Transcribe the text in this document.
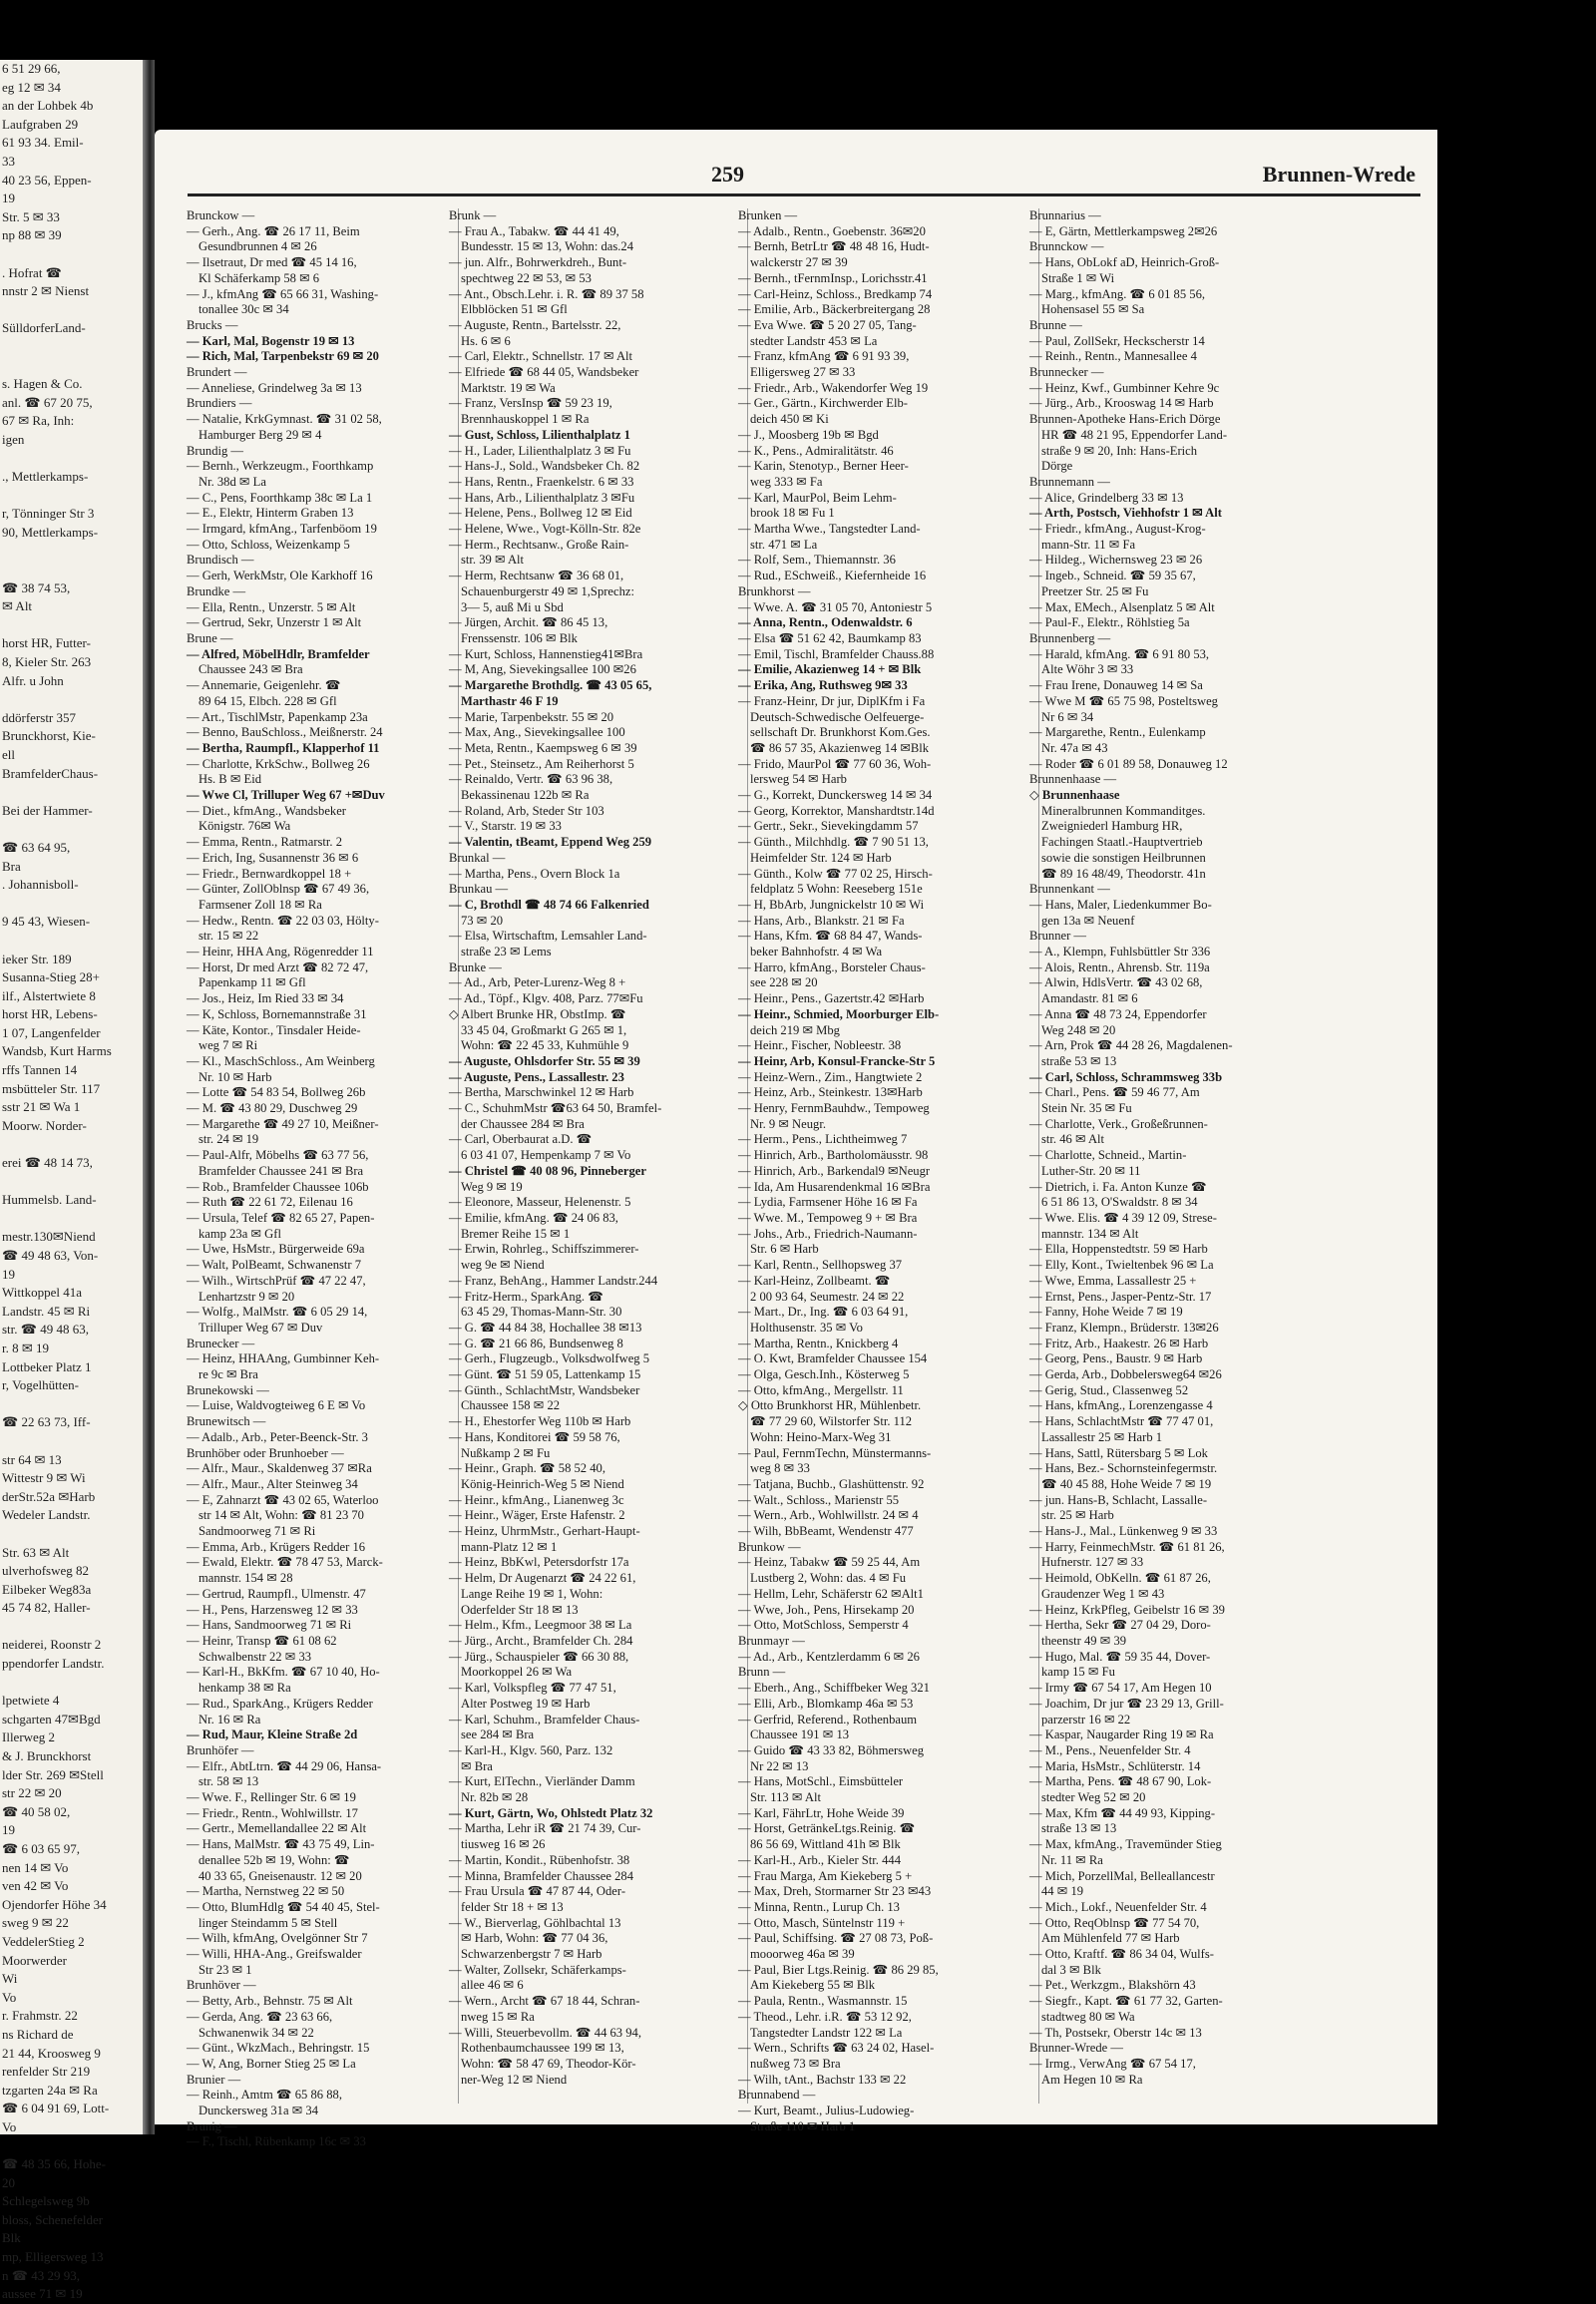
6 51 29 66,
eg 12 ✉ 34
an der Lohbek 4b
Laufgraben 29
61 93 34. Emil-
33
40 23 56, Eppen-
19
Str. 5 ✉ 33
np 88 ✉ 39

. Hofrat ☎
nnstr 2 ✉ Nienst

SülldorferLand-

s. Hagen & Co.
anl. ☎ 67 20 75,
67 ✉ Ra, Inh:
igen

., Mettlerkamps-

r, Tönninger Str 3
90, Mettlerkamps-

☎ 38 74 53,
✉ Alt

horst HR, Futter-
8, Kieler Str. 263
Alfr. u John

ddörferstr 357
Brunckhorst, Kie-
ell
BramfelderChaus-

Bei der Hammer-

☎ 63 64 95,
Bra
. Johannisboll-

9 45 43, Wiesen-

ieker Str. 189
Susanna-Stieg 28+
ilf., Alstertwiete 8
horst HR, Lebens-
1 07, Langenfelder
Wandsb, Kurt Harms
rffs Tannen 14
msbütteler Str. 117
sstr 21 ✉ Wa 1
Moorw. Norder-

erei ☎ 48 14 73,

Hummelsb. Land-

mestr.130✉Niend
☎ 49 48 63, Von-
19
Wittkoppel 41a
Landstr. 45 ✉ Ri
str. ☎ 49 48 63,
r. 8 ✉ 19
Lottbeker Platz 1
r, Vogelhütten-

☎ 22 63 73, Iff-

str 64 ✉ 13
Wittestr 9 ✉ Wi
derStr.52a ✉Harb
Wedeler Landstr.

Str. 63 ✉ Alt
ulverhofsweg 82
Eilbeker Weg83a
45 74 82, Haller-

neiderei, Roonstr 2
ppendorfer Landstr.

lpetwiete 4
schgarten 47✉Bgd
Illerweg 2
& J. Brunckhorst
lder Str. 269 ✉Stell
str 22 ✉ 20
☎ 40 58 02,
19
☎ 6 03 65 97,
nen 14 ✉ Vo
ven 42 ✉ Vo
Ojendorfer Höhe 34
sweg 9 ✉ 22
VeddelerStieg 2
Moorwerder
Wi
Vo
r. Frahmstr. 22
ns Richard de
21 44, Kroosweg 9
renfelder Str 219
tzgarten 24a ✉ Ra
☎ 6 04 91 69, Lott-
Vo

☎ 48 35 66, Hohe-
20
Schlegelsweg 9b
bloss, Schenefelder
Blk
mp, Elligersweg 13
n ☎ 43 29 93,
aussee 71 ✉ 19
259	Brunnen-Wrede
Brunckow —
— Gerh., Ang. ☎ 26 17 11, Beim
Gesundbrunnen 4 ✉ 26
— Ilsetraut, Dr med ☎ 45 14 16,
Kl Schäferkamp 58 ✉ 6
— J., kfmAng ☎ 65 66 31, Washing-
tonallee 30c ✉ 34
Brucks —
— Karl, Mal, Bogenstr 19 ✉ 13
— Rich, Mal, Tarpenbekstr 69 ✉ 20
Brundert —
— Anneliese, Grindelweg 3a ✉ 13
Brundiers —
— Natalie, KrkGymnast. ☎ 31 02 58,
Hamburger Berg 29 ✉ 4
Brundig —
— Bernh., Werkzeugm., Foorthkamp
Nr. 38d ✉ La
— C., Pens, Foorthkamp 38c ✉ La 1
— E., Elektr, Hinterm Graben 13
— Irmgard, kfmAng., Tarfenböom 19
— Otto, Schloss, Weizenkamp 5
Brundisch —
— Gerh, WerkMstr, Ole Karkhoff 16
Brundke —
— Ella, Rentn., Unzerstr. 5 ✉ Alt
— Gertrud, Sekr, Unzerstr 1 ✉ Alt
Brune —
— Alfred, MöbelHdlr, Bramfelder
Chaussee 243 ✉ Bra
— Annemarie, Geigenlehr. ☎
89 64 15, Elbch. 228 ✉ Gfl
— Art., TischlMstr, Papenkamp 23a
— Benno, BauSchloss., Meißnerstr. 24
— Bertha, Raumpfl., Klapperhof 11
— Charlotte, KrkSchw., Bollweg 26
Hs. B ✉ Eid
— Wwe Cl, Trilluper Weg 67 +✉Duv
— Diet., kfmAng., Wandsbeker
Königstr. 76✉ Wa
— Emma, Rentn., Ratmarstr. 2
— Erich, Ing, Susannenstr 36 ✉ 6
— Friedr., Bernwardkoppel 18 +
— Günter, ZollOblnsp ☎ 67 49 36,
Farmsener Zoll 18 ✉ Ra
— Hedw., Rentn. ☎ 22 03 03, Hölty-
str. 15 ✉ 22
— Heinr, HHA Ang, Rögenredder 11
— Horst, Dr med Arzt ☎ 82 72 47,
Papenkamp 11 ✉ Gfl
— Jos., Heiz, Im Ried 33 ✉ 34
— K, Schloss, Bornemannstraße 31
— Käte, Kontor., Tinsdaler Heide-
weg 7 ✉ Ri
— Kl., MaschSchloss., Am Weinberg
Nr. 10 ✉ Harb
— Lotte ☎ 54 83 54, Bollweg 26b
— M. ☎ 43 80 29, Duschweg 29
— Margarethe ☎ 49 27 10, Meißner-
str. 24 ✉ 19
— Paul-Alfr, Möbelhs ☎ 63 77 56,
Bramfelder Chaussee 241 ✉ Bra
— Rob., Bramfelder Chaussee 106b
— Ruth ☎ 22 61 72, Eilenau 16
— Ursula, Telef ☎ 82 65 27, Papen-
kamp 23a ✉ Gfl
— Uwe, HsMstr., Bürgerweide 69a
— Walt, PolBeamt, Schwanenstr 7
— Wilh., WirtschPrüf ☎ 47 22 47,
Lenhartzstr 9 ✉ 20
— Wolfg., MalMstr. ☎ 6 05 29 14,
Trilluper Weg 67 ✉ Duv
Brunecker —
— Heinz, HHAAng, Gumbinner Keh-
re 9c ✉ Bra
Brunekowski —
— Luise, Waldvogteiweg 6 E ✉ Vo
Brunewitsch —
— Adalb., Arb., Peter-Beenck-Str. 3
Brunhöber oder Brunhoeber —
— Alfr., Maur., Skaldenweg 37 ✉Ra
— Alfr., Maur., Alter Steinweg 34
— E, Zahnarzt ☎ 43 02 65, Waterloo
str 14 ✉ Alt, Wohn: ☎ 81 23 70
Sandmoorweg 71 ✉ Ri
— Emma, Arb., Krügers Redder 16
— Ewald, Elektr. ☎ 78 47 53, Marck-
mannstr. 154 ✉ 28
— Gertrud, Raumpfl., Ulmenstr. 47
— H., Pens, Harzensweg 12 ✉ 33
— Hans, Sandmoorweg 71 ✉ Ri
— Heinr, Transp ☎ 61 08 62
Schwalbenstr 22 ✉ 33
— Karl-H., BkKfm. ☎ 67 10 40, Ho-
henkamp 38 ✉ Ra
— Rud., SparkAng., Krügers Redder
Nr. 16 ✉ Ra
— Rud, Maur, Kleine Straße 2d
Brunhöfer —
— Elfr., AbtLtrn. ☎ 44 29 06, Hansa-
str. 58 ✉ 13
— Wwe. F., Rellinger Str. 6 ✉ 19
— Friedr., Rentn., Wohlwillstr. 17
— Gertr., Memellandallee 22 ✉ Alt
— Hans, MalMstr. ☎ 43 75 49, Lin-
denallee 52b ✉ 19, Wohn: ☎
40 33 65, Gneisenaustr. 12 ✉ 20
— Martha, Nernstweg 22 ✉ 50
— Otto, BlumHdlg ☎ 54 40 45, Stel-
linger Steindamm 5 ✉ Stell
— Wilh, kfmAng, Ovelgönner Str 7
— Willi, HHA-Ang., Greifswalder
Str 23 ✉ 1
Brunhöver —
— Betty, Arb., Behnstr. 75 ✉ Alt
— Gerda, Ang. ☎ 23 63 66,
Schwanenwik 34 ✉ 22
— Günt., WkzMach., Behringstr. 15
— W, Ang, Borner Stieg 25 ✉ La
Brunier —
— Reinh., Amtm ☎ 65 86 88,
Dunckersweg 31a ✉ 34
Brunig —
— F., Tischl, Rübenkamp 16c ✉ 33
Brunk —
— Frau A., Tabakw. ☎ 44 41 49,
Bundesstr. 15 ✉ 13, Wohn: das.24
— jun. Alfr., Bohrwerkdreh., Bunt-
spechtweg 22 ✉ 53, ✉ 53
— Ant., Obsch.Lehr. i. R. ☎ 89 37 58
Elbblöcken 51 ✉ Gfl
— Auguste, Rentn., Bartelsstr. 22,
Hs. 6 ✉ 6
— Carl, Elektr., Schnellstr. 17 ✉ Alt
— Elfriede ☎ 68 44 05, Wandsbeker
Marktstr. 19 ✉ Wa
— Franz, VersInsp ☎ 59 23 19,
Brennhauskoppel 1 ✉ Ra
— Gust, Schloss, Lilienthalplatz 1
— H., Lader, Lilienthalplatz 3 ✉ Fu
— Hans-J., Sold., Wandsbeker Ch. 82
— Hans, Rentn., Fraenkelstr. 6 ✉ 33
— Hans, Arb., Lilienthalplatz 3 ✉Fu
— Helene, Pens., Bollweg 12 ✉ Eid
— Helene, Wwe., Vogt-Kölln-Str. 82e
— Herm., Rechtsanw., Große Rain-
str. 39 ✉ Alt
— Herm, Rechtsanw ☎ 36 68 01,
Schauenburgerstr 49 ✉ 1,Sprechz:
3— 5, auß Mi u Sbd
— Jürgen, Archit. ☎ 86 45 13,
Frenssenstr. 106 ✉ Blk
— Kurt, Schloss, Hannenstieg41✉Bra
— M, Ang, Sievekingsallee 100 ✉26
— Margarethe Brothdlg. ☎ 43 05 65,
Marthastr 46 F 19
— Marie, Tarpenbekstr. 55 ✉ 20
— Max, Ang., Sievekingsallee 100
— Meta, Rentn., Kaempsweg 6 ✉ 39
— Pet., Steinsetz., Am Reiherhorst 5
— Reinaldo, Vertr. ☎ 63 96 38,
Bekassinenau 122b ✉ Ra
— Roland, Arb, Steder Str 103
— V., Starstr. 19 ✉ 33
— Valentin, tBeamt, Eppend Weg 259
Brunkal —
— Martha, Pens., Overn Block 1a
Brunkau —
— C, Brothdl ☎ 48 74 66 Falkenried
73 ✉ 20
— Elsa, Wirtschaftm, Lemsahler Land-
straße 23 ✉ Lems
Brunke —
— Ad., Arb, Peter-Lurenz-Weg 8 +
— Ad., Töpf., Klgv. 408, Parz. 77✉Fu
◇ Albert Brunke HR, ObstImp. ☎
33 45 04, Großmarkt G 265 ✉ 1,
Wohn: ☎ 22 45 33, Kuhmühle 9
— Auguste, Ohlsdorfer Str. 55 ✉ 39
— Auguste, Pens., Lassallestr. 23
— Bertha, Marschwinkel 12 ✉ Harb
— C., SchuhmMstr ☎63 64 50, Bramfel-
der Chaussee 284 ✉ Bra
— Carl, Oberbaurat a.D. ☎
6 03 41 07, Hempenkamp 7 ✉ Vo
— Christel ☎ 40 08 96, Pinneberger
Weg 9 ✉ 19
— Eleonore, Masseur, Helenenstr. 5
— Emilie, kfmAng. ☎ 24 06 83,
Bremer Reihe 15 ✉ 1
— Erwin, Rohrleg., Schiffszimmerer-
weg 9e ✉ Niend
— Franz, BehAng., Hammer Landstr.244
— Fritz-Herm., SparkAng. ☎
63 45 29, Thomas-Mann-Str. 30
— G. ☎ 44 84 38, Hochallee 38 ✉13
— G. ☎ 21 66 86, Bundsenweg 8
— Gerh., Flugzeugb., Volksdwolfweg 5
— Günt. ☎ 51 59 05, Lattenkamp 15
— Günth., SchlachtMstr, Wandsbeker
Chaussee 158 ✉ 22
— H., Ehestorfer Weg 110b ✉ Harb
— Hans, Konditorei ☎ 59 58 76,
Nußkamp 2 ✉ Fu
— Heinr., Graph. ☎ 58 52 40,
König-Heinrich-Weg 5 ✉ Niend
— Heinr., kfmAng., Lianenweg 3c
— Heinr., Wäger, Erste Hafenstr. 2
— Heinz, UhrmMstr., Gerhart-Haupt-
mann-Platz 12 ✉ 1
— Heinz, BbKwl, Petersdorfstr 17a
— Helm, Dr Augenarzt ☎ 24 22 61,
Lange Reihe 19 ✉ 1, Wohn:
Oderfelder Str 18 ✉ 13
— Helm., Kfm., Leegmoor 38 ✉ La
— Jürg., Archt., Bramfelder Ch. 284
— Jürg., Schauspieler ☎ 66 30 88,
Moorkoppel 26 ✉ Wa
— Karl, Volkspfleg ☎ 77 47 51,
Alter Postweg 19 ✉ Harb
— Karl, Schuhm., Bramfelder Chaus-
see 284 ✉ Bra
— Karl-H., Klgv. 560, Parz. 132
✉ Bra
— Kurt, ElTechn., Vierländer Damm
Nr. 82b ✉ 28
— Kurt, Gärtn, Wo, Ohlstedt Platz 32
— Martha, Lehr iR ☎ 21 74 39, Cur-
tiusweg 16 ✉ 26
— Martin, Kondit., Rübenhofstr. 38
— Minna, Bramfelder Chaussee 284
— Frau Ursula ☎ 47 87 44, Oder-
felder Str 18 + ✉ 13
— W., Bierverlag, Göhlbachtal 13
✉ Harb, Wohn: ☎ 77 04 36,
Schwarzenbergstr 7 ✉ Harb
— Walter, Zollsekr, Schäferkamps-
allee 46 ✉ 6
— Wern., Archt ☎ 67 18 44, Schran-
nweg 15 ✉ Ra
— Willi, Steuerbevollm. ☎ 44 63 94,
Rothenbaumchaussee 199 ✉ 13,
Wohn: ☎ 58 47 69, Theodor-Kör-
ner-Weg 12 ✉ Niend
Brunken —
— Adalb., Rentn., Goebenstr. 36✉20
— Bernh, BetrLtr ☎ 48 48 16, Hudt-
walckerstr 27 ✉ 39
— Bernh., tFernmInsp., Lorichsstr.41
— Carl-Heinz, Schloss., Bredkamp 74
— Emilie, Arb., Bäckerbreitergang 28
— Eva Wwe. ☎ 5 20 27 05, Tang-
stedter Landstr 453 ✉ La
— Franz, kfmAng ☎ 6 91 93 39,
Elligersweg 27 ✉ 33
— Friedr., Arb., Wakendorfer Weg 19
— Ger., Gärtn., Kirchwerder Elb-
deich 450 ✉ Ki
— J., Moosberg 19b ✉ Bgd
— K., Pens., Admiralitätstr. 46
— Karin, Stenotyp., Berner Heer-
weg 333 ✉ Fa
— Karl, MaurPol, Beim Lehm-
brook 18 ✉ Fu 1
— Martha Wwe., Tangstedter Land-
str. 471 ✉ La
— Rolf, Sem., Thiemannstr. 36
— Rud., ESchweiß., Kiefernheide 16
Brunkhorst —
— Wwe. A. ☎ 31 05 70, Antoniestr 5
— Anna, Rentn., Odenwaldstr. 6
— Elsa ☎ 51 62 42, Baumkamp 83
— Emil, Tischl, Bramfelder Chauss.88
— Emilie, Akazienweg 14 + ✉ Blk
— Erika, Ang, Ruthsweg 9✉ 33
— Franz-Heinr, Dr jur, DiplKfm i Fa
Deutsch-Schwedische Oelfeuerge-
sellschaft Dr. Brunkhorst Kom.Ges.
☎ 86 57 35, Akazienweg 14 ✉Blk
— Frido, MaurPol ☎ 77 60 36, Woh-
lersweg 54 ✉ Harb
— G., Korrekt, Dunckersweg 14 ✉ 34
— Georg, Korrektor, Manshardtstr.14d
— Gertr., Sekr., Sievekingdamm 57
— Günth., Milchhdlg. ☎ 7 90 51 13,
Heimfelder Str. 124 ✉ Harb
— Günth., Kolw ☎ 77 02 25, Hirsch-
feldplatz 5 Wohn: Reeseberg 151e
— H, BbArb, Jungnickelstr 10 ✉ Wi
— Hans, Arb., Blankstr. 21 ✉ Fa
— Hans, Kfm. ☎ 68 84 47, Wands-
beker Bahnhofstr. 4 ✉ Wa
— Harro, kfmAng., Borsteler Chaus-
see 228 ✉ 20
— Heinr., Pens., Gazertstr.42 ✉Harb
— Heinr., Schmied, Moorburger Elb-
deich 219 ✉ Mbg
— Heinr., Fischer, Nobleestr. 38
— Heinr, Arb, Konsul-Francke-Str 5
— Heinz-Wern., Zim., Hangtwiete 2
— Heinz, Arb., Steinkestr. 13✉Harb
— Henry, FernmBauhdw., Tempoweg
Nr. 9 ✉ Neugr.
— Herm., Pens., Lichtheimweg 7
— Hinrich, Arb., Bartholomäusstr. 98
— Hinrich, Arb., Barkendal9 ✉Neugr
— Ida, Am Husarendenkmal 16 ✉Bra
— Lydia, Farmsener Höhe 16 ✉ Fa
— Wwe. M., Tempoweg 9 + ✉ Bra
— Johs., Arb., Friedrich-Naumann-
Str. 6 ✉ Harb
— Karl, Rentn., Sellhopsweg 37
— Karl-Heinz, Zollbeamt. ☎
2 00 93 64, Seumestr. 24 ✉ 22
— Mart., Dr., Ing. ☎ 6 03 64 91,
Holthusenstr. 35 ✉ Vo
— Martha, Rentn., Knickberg 4
— O. Kwt, Bramfelder Chaussee 154
— Olga, Gesch.Inh., Kösterweg 5
— Otto, kfmAng., Mergellstr. 11
◇ Otto Brunkhorst HR, Mühlenbetr.
☎ 77 29 60, Wilstorfer Str. 112
Wohn: Heino-Marx-Weg 31
— Paul, FernmTechn, Münstermanns-
weg 8 ✉ 33
— Tatjana, Buchb., Glashüttenstr. 92
— Walt., Schloss., Marienstr 55
— Wern., Arb., Wohlwillstr. 24 ✉ 4
— Wilh, BbBeamt, Wendenstr 477
Brunkow —
— Heinz, Tabakw ☎ 59 25 44, Am
Lustberg 2, Wohn: das. 4 ✉ Fu
— Hellm, Lehr, Schäferstr 62 ✉Alt1
— Wwe, Joh., Pens, Hirsekamp 20
— Otto, MotSchloss, Semperstr 4
Brunmayr —
— Ad., Arb., Kentzlerdamm 6 ✉ 26
Brunn —
— Eberh., Ang., Schiffbeker Weg 321
— Elli, Arb., Blomkamp 46a ✉ 53
— Gerfrid, Referend., Rothenbaum
Chaussee 191 ✉ 13
— Guido ☎ 43 33 82, Böhmersweg
Nr 22 ✉ 13
— Hans, MotSchl., Eimsbütteler
Str. 113 ✉ Alt
— Karl, FährLtr, Hohe Weide 39
— Horst, GetränkeLtgs.Reinig. ☎
86 56 69, Wittland 41h ✉ Blk
— Karl-H., Arb., Kieler Str. 444
— Frau Marga, Am Kiekeberg 5 +
— Max, Dreh, Stormarner Str 23 ✉43
— Minna, Rentn., Lurup Ch. 13
— Otto, Masch, Süntelnstr 119 +
— Paul, Schiffsing. ☎ 27 08 73, Poß-
mooorweg 46a ✉ 39
— Paul, Bier Ltgs.Reinig. ☎ 86 29 85,
Am Kiekeberg 55 ✉ Blk
— Paula, Rentn., Wasmannstr. 15
— Theod., Lehr. i.R. ☎ 53 12 92,
Tangstedter Landstr 122 ✉ La
— Wern., Schrifts ☎ 63 24 02, Hasel-
nußweg 73 ✉ Bra
— Wilh, tAnt., Bachstr 133 ✉ 22
Brunnabend —
— Kurt, Beamt., Julius-Ludowieg-
Straße 110 ✉ Harb 1
Brunnarius —
— E, Gärtn, Mettlerkampsweg 2✉26
Brunnckow —
— Hans, ObLokf aD, Heinrich-Groß-
Straße 1 ✉ Wi
— Marg., kfmAng. ☎ 6 01 85 56,
Hohensasel 55 ✉ Sa
Brunne —
— Paul, ZollSekr, Heckscherstr 14
— Reinh., Rentn., Mannesallee 4
Brunnecker —
— Heinz, Kwf., Gumbinner Kehre 9c
— Jürg., Arb., Krooswag 14 ✉ Harb
Brunnen-Apotheke Hans-Erich Dörge
HR ☎ 48 21 95, Eppendorfer Land-
straße 9 ✉ 20, Inh: Hans-Erich
Dörge
Brunnemann —
— Alice, Grindelberg 33 ✉ 13
— Arth, Postsch, Viehhofstr 1 ✉ Alt
— Friedr., kfmAng., August-Krog-
mann-Str. 11 ✉ Fa
— Hildeg., Wichernsweg 23 ✉ 26
— Ingeb., Schneid. ☎ 59 35 67,
Preetzer Str. 25 ✉ Fu
— Max, EMech., Alsenplatz 5 ✉ Alt
— Paul-F., Elektr., Röhlstieg 5a
Brunnenberg —
— Harald, kfmAng. ☎ 6 91 80 53,
Alte Wöhr 3 ✉ 33
— Frau Irene, Donauweg 14 ✉ Sa
— Wwe M ☎ 65 75 98, Posteltsweg
Nr 6 ✉ 34
— Margarethe, Rentn., Eulenkamp
Nr. 47a ✉ 43
— Roder ☎ 6 01 89 58, Donauweg 12
Brunnenhaase —
◇ Brunnenhaase
Mineralbrunnen Kommanditges.
Zweigniederl Hamburg HR,
Fachingen Staatl.-Hauptvertrieb
sowie die sonstigen Heilbrunnen
☎ 89 16 48/49, Theodorstr. 41n
Brunnenkant —
— Hans, Maler, Liedenkummer Bo-
gen 13a ✉ Neuenf
Brunner —
— A., Klempn, Fuhlsbüttler Str 336
— Alois, Rentn., Ahrensb. Str. 119a
— Alwin, HdlsVertr. ☎ 43 02 68,
Amandastr. 81 ✉ 6
— Anna ☎ 48 73 24, Eppendorfer
Weg 248 ✉ 20
— Arn, Prok ☎ 44 28 26, Magdalenen-
straße 53 ✉ 13
— Carl, Schloss, Schrammsweg 33b
— Charl., Pens. ☎ 59 46 77, Am
Stein Nr. 35 ✉ Fu
— Charlotte, Verk., Großeßrunnen-
str. 46 ✉ Alt
— Charlotte, Schneid., Martin-
Luther-Str. 20 ✉ 11
— Dietrich, i. Fa. Anton Kunze ☎
6 51 86 13, O'Swaldstr. 8 ✉ 34
— Wwe. Elis. ☎ 4 39 12 09, Strese-
mannstr. 134 ✉ Alt
— Ella, Hoppenstedtstr. 59 ✉ Harb
— Elly, Kont., Twieltenbek 96 ✉ La
— Wwe, Emma, Lassallestr 25 +
— Ernst, Pens., Jasper-Pentz-Str. 17
— Fanny, Hohe Weide 7 ✉ 19
— Franz, Klempn., Brüderstr. 13✉26
— Fritz, Arb., Haakestr. 26 ✉ Harb
— Georg, Pens., Baustr. 9 ✉ Harb
— Gerda, Arb., Dobbelersweg64 ✉26
— Gerig, Stud., Classenweg 52
— Hans, kfmAng., Lorenzengasse 4
— Hans, SchlachtMstr ☎ 77 47 01,
Lassallestr 25 ✉ Harb 1
— Hans, Sattl, Rütersbarg 5 ✉ Lok
— Hans, Bez.- Schornsteinfegermstr.
☎ 40 45 88, Hohe Weide 7 ✉ 19
— jun. Hans-B, Schlacht, Lassalle-
str. 25 ✉ Harb
— Hans-J., Mal., Lünkenweg 9 ✉ 33
— Harry, FeinmechMstr. ☎ 61 81 26,
Hufnerstr. 127 ✉ 33
— Heimold, ObKelln. ☎ 61 87 26,
Graudenzer Weg 1 ✉ 43
— Heinz, KrkPfleg, Geibelstr 16 ✉ 39
— Hertha, Sekr ☎ 27 04 29, Doro-
theenstr 49 ✉ 39
— Hugo, Mal. ☎ 59 35 44, Dover-
kamp 15 ✉ Fu
— Irmy ☎ 67 54 17, Am Hegen 10
— Joachim, Dr jur ☎ 23 29 13, Grill-
parzerstr 16 ✉ 22
— Kaspar, Naugarder Ring 19 ✉ Ra
— M., Pens., Neuenfelder Str. 4
— Maria, HsMstr., Schlüterstr. 14
— Martha, Pens. ☎ 48 67 90, Lok-
stedter Weg 52 ✉ 20
— Max, Kfm ☎ 44 49 93, Kipping-
straße 13 ✉ 13
— Max, kfmAng., Travemünder Stieg
Nr. 11 ✉ Ra
— Mich, PorzellMal, Belleallancestr
44 ✉ 19
— Mich., Lokf., Neuenfelder Str. 4
— Otto, ReqOblnsp ☎ 77 54 70,
Am Mühlenfeld 77 ✉ Harb
— Otto, Kraftf. ☎ 86 34 04, Wulfs-
dal 3 ✉ Blk
— Pet., Werkzgm., Blakshörn 43
— Siegfr., Kapt. ☎ 61 77 32, Garten-
stadtweg 80 ✉ Wa
— Th, Postsekr, Oberstr 14c ✉ 13
Brunner-Wrede —
— Irmg., VerwAng ☎ 67 54 17,
Am Hegen 10 ✉ Ra
